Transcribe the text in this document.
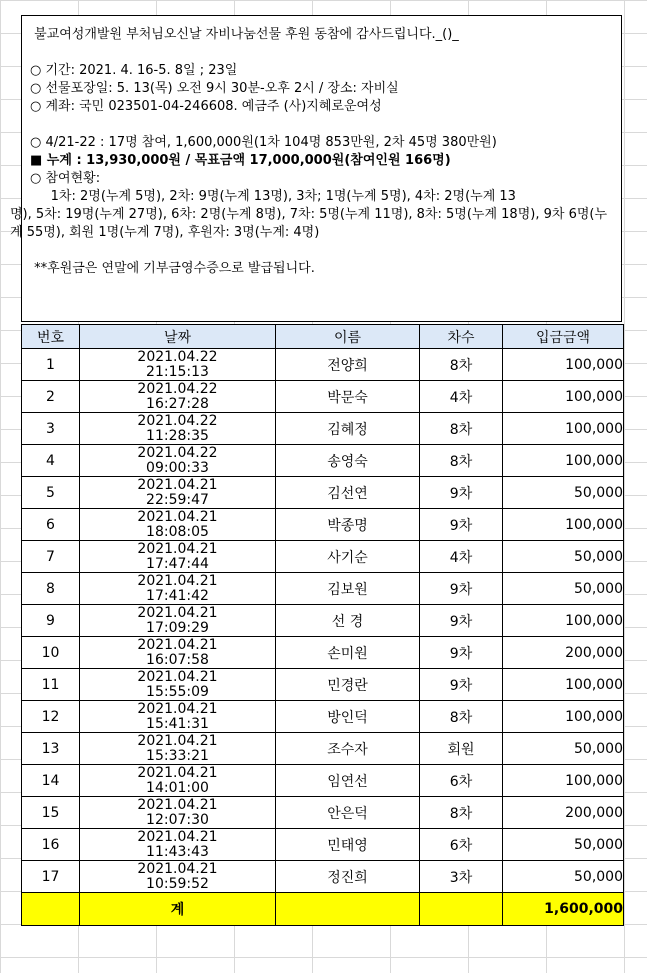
불교여성개발원 부처님오신날 자비나눔선물 후원 동참에 감사드립니다._()_
○ 기간: 2021. 4. 16-5. 8일 ; 23일
○ 선물포장일: 5. 13(목) 오전 9시 30분-오후 2시 / 장소: 자비실
○ 계좌: 국민 023501-04-246608. 예금주 (사)지혜로운여성
○ 4/21-22 : 17명 참여, 1,600,000원(1차 104명 853만원, 2차 45명 380만원)
■ 누계 : 13,930,000원 / 목표금액 17,000,000원(참여인원 166명)
○ 참여현황:
1차: 2명(누계 5명), 2차: 9명(누계 13명), 3차; 1명(누계 5명), 4차: 2명(누계 13
명), 5차: 19명(누계 27명), 6차: 2명(누계 8명), 7차: 5명(누계 11명), 8차: 5명(누계 18명), 9차 6명(누계 55명), 회원 1명(누계 7명), 후원자: 3명(누계: 4명)
**후원금은 연말에 기부금영수증으로 발급됩니다.
번호	날짜	이름	차수	입금금액
1	2021.04.22
21:15:13	전양희	8차	100,000
2	2021.04.22
16:27:28	박문숙	4차	100,000
3	2021.04.22
11:28:35	김혜정	8차	100,000
4	2021.04.22
09:00:33	송영숙	8차	100,000
5	2021.04.21
22:59:47	김선연	9차	50,000
6	2021.04.21
18:08:05	박종명	9차	100,000
7	2021.04.21
17:47:44	사기순	4차	50,000
8	2021.04.21
17:41:42	김보원	9차	50,000
9	2021.04.21
17:09:29	선 경	9차	100,000
10	2021.04.21
16:07:58	손미원	9차	200,000
11	2021.04.21
15:55:09	민경란	9차	100,000
12	2021.04.21
15:41:31	방인덕	8차	100,000
13	2021.04.21
15:33:21	조수자	회원	50,000
14	2021.04.21
14:01:00	임연선	6차	100,000
15	2021.04.21
12:07:30	안은덕	8차	200,000
16	2021.04.21
11:43:43	민태영	6차	50,000
17	2021.04.21
10:59:52	정진희	3차	50,000
	계			1,600,000
